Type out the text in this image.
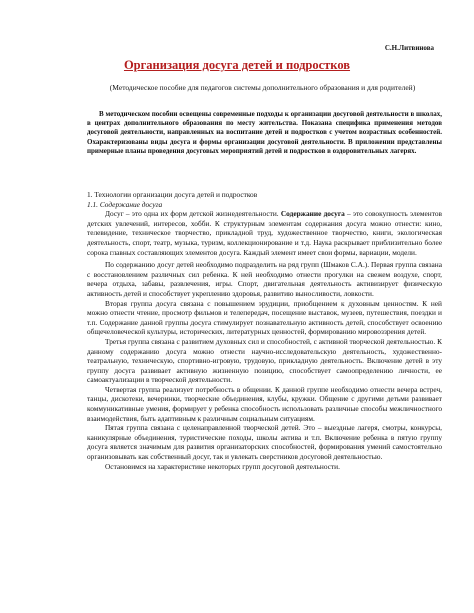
С.Н.Литвинова
Организация досуга детей и подростков
(Методическое пособие для педагогов системы дополнительного образования и для родителей)
В методическом пособии освещены современные подходы к организации досуговой деятельности в школах, в центрах дополнительного образования по месту жительства. Показана специфика применения методов досуговой деятельности, направленных на воспитание детей и подростков с учетом возрастных особенностей. Охарактеризованы виды досуга и формы организации досуговой деятельности. В приложении представлены примерные планы проведения досуговых мероприятий детей и подростков в оздоровительных лагерях.

1. Технологии организации досуга детей и подростков

1.1. Содержание досуга

Досуг – это одна их форм детской жизнедеятельности. Содержание досуга – это совокупность элементов детских увлечений, интересов, хобби. К структурным элементам содержания досуга можно отнести: кино, телевидение, техническое творчество, прикладной труд, художественное творчество, книги, экологическая деятельность, спорт, театр, музыка, туризм, коллекционирование и т.д. Наука раскрывает приблизительно более сорока главных составляющих элементов досуга. Каждый элемент имеет свои формы, вариации, модели.

По содержанию досуг детей необходимо подразделить на ряд групп (Шмаков С.А.). Первая группа связана с восстановлением различных сил ребенка. К ней необходимо отнести прогулки на свежем воздухе, спорт, вечера отдыха, забавы, развлечения, игры. Спорт, двигательная деятельность активизирует физическую активность детей и способствует укреплению здоровья, развитию выносливости, ловкости.

Вторая группа досуга связана с повышением эрудиции, приобщением к духовным ценностям. К ней можно отнести чтение, просмотр фильмов и телепередач, посещение выставок, музеев, путешествия, поездки и т.п. Содержание данной группы досуга стимулирует познавательную активность детей, способствует освоению общечеловеческой культуры, исторических, литературных ценностей, формированию мировоззрения детей.

Третья группа связана с развитием духовных сил и способностей, с активной творческой деятельностью. К данному содержанию досуга можно отнести научно-исследовательскую деятельность, художественно-театральную, техническую, спортивно-игровую, трудовую, прикладную деятельность. Включение детей в эту группу досуга развивает активную жизненную позицию, способствует самоопределению личности, ее самоактуализации в творческой деятельности.

Четвертая группа реализует потребность в общении. К данной группе необходимо отнести вечера встреч, танцы, дискотеки, вечеринки, творческие объединения, клубы, кружки. Общение с другими детьми развивает коммуникативные умения, формирует у ребенка способность использовать различные способы межличностного взаимодействия, быть адаптивным к различным социальным ситуациям.

Пятая группа связана с целенаправленной творческой детей. Это – выездные лагеря, смотры, конкурсы, каникулярные объединения, туристические походы, школы актива и т.п. Включение ребенка в пятую группу досуга является значимым для развития организаторских способностей, формирования умений самостоятельно организовывать как собственный досуг, так и увлекать сверстников досуговой деятельностью.

Остановимся на характеристике некоторых групп досуговой деятельности.
